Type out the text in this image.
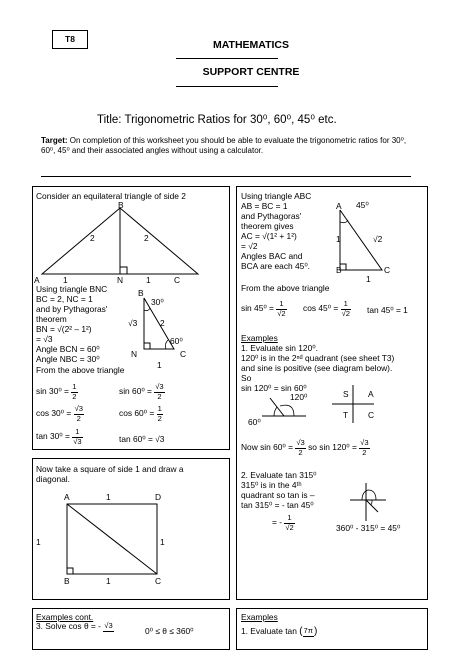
T8	MATHEMATICS
SUPPORT CENTRE
Title: Trigonometric Ratios for 30⁰, 60⁰, 45⁰ etc.
Target: On completion of this worksheet you should be able to evaluate the trigonometric ratios for 30⁰, 60⁰, 45⁰ and their associated angles without using a calculator.
Consider an equilateral triangle of side 2
B
2	2
A	1	N	1	C
Using triangle BNC
BC = 2, NC = 1
and by Pythagoras'
theorem
BN = √(2² – 1²)
= √3
Angle BCN = 60⁰
Angle NBC = 30⁰
From the above triangle
B
30⁰
√3	2
60⁰
N	C
1
$\sin 30^0 = \frac{1}{2}$	$\sin 60^0 = \frac{√3}{2}$
$\cos 30^0 = \frac{√3}{2}$	$\cos 60^0 = \frac{1}{2}$
$\tan 30^0 = \frac{1}{√3}$	tan 60⁰ = √3
Using triangle ABC
AB = BC = 1
and Pythagoras'
theorem gives
AC = √(1² + 1²)
= √2
Angles BAC and
BCA are each 45⁰.
From the above triangle
A 45⁰
1	√2
B	C
1
$\sin 45^0 = \frac{1}{√2}$ $\cos 45^0 = \frac{1}{√2}$ tan 45⁰ = 1
Examples
1. Evaluate sin 120⁰.
120⁰ is in the 2ⁿᵈ quadrant (see sheet T3)
and sine is positive (see diagram below).
So
sin 120⁰ = sin 60⁰
120⁰
60⁰
S A
T C
Now $\sin 60^0 = \frac{√3}{2}$ so $\sin 120^0 = \frac{√3}{2}$
2. Evaluate tan 315⁰
315⁰ is in the 4ᵗʰ
quadrant so tan is –
tan 315⁰ = - tan 45⁰
= - $\frac{1}{√2}$	360⁰ - 315⁰ = 45⁰
Now take a square of side 1 and draw a
diagonal.
A	1	D
1	1
B	1	C
Examples cont.
3. Solve cos θ = - √3
0⁰ ≤ θ ≤ 360⁰
Examples
1. Evaluate tan ( 7π )
